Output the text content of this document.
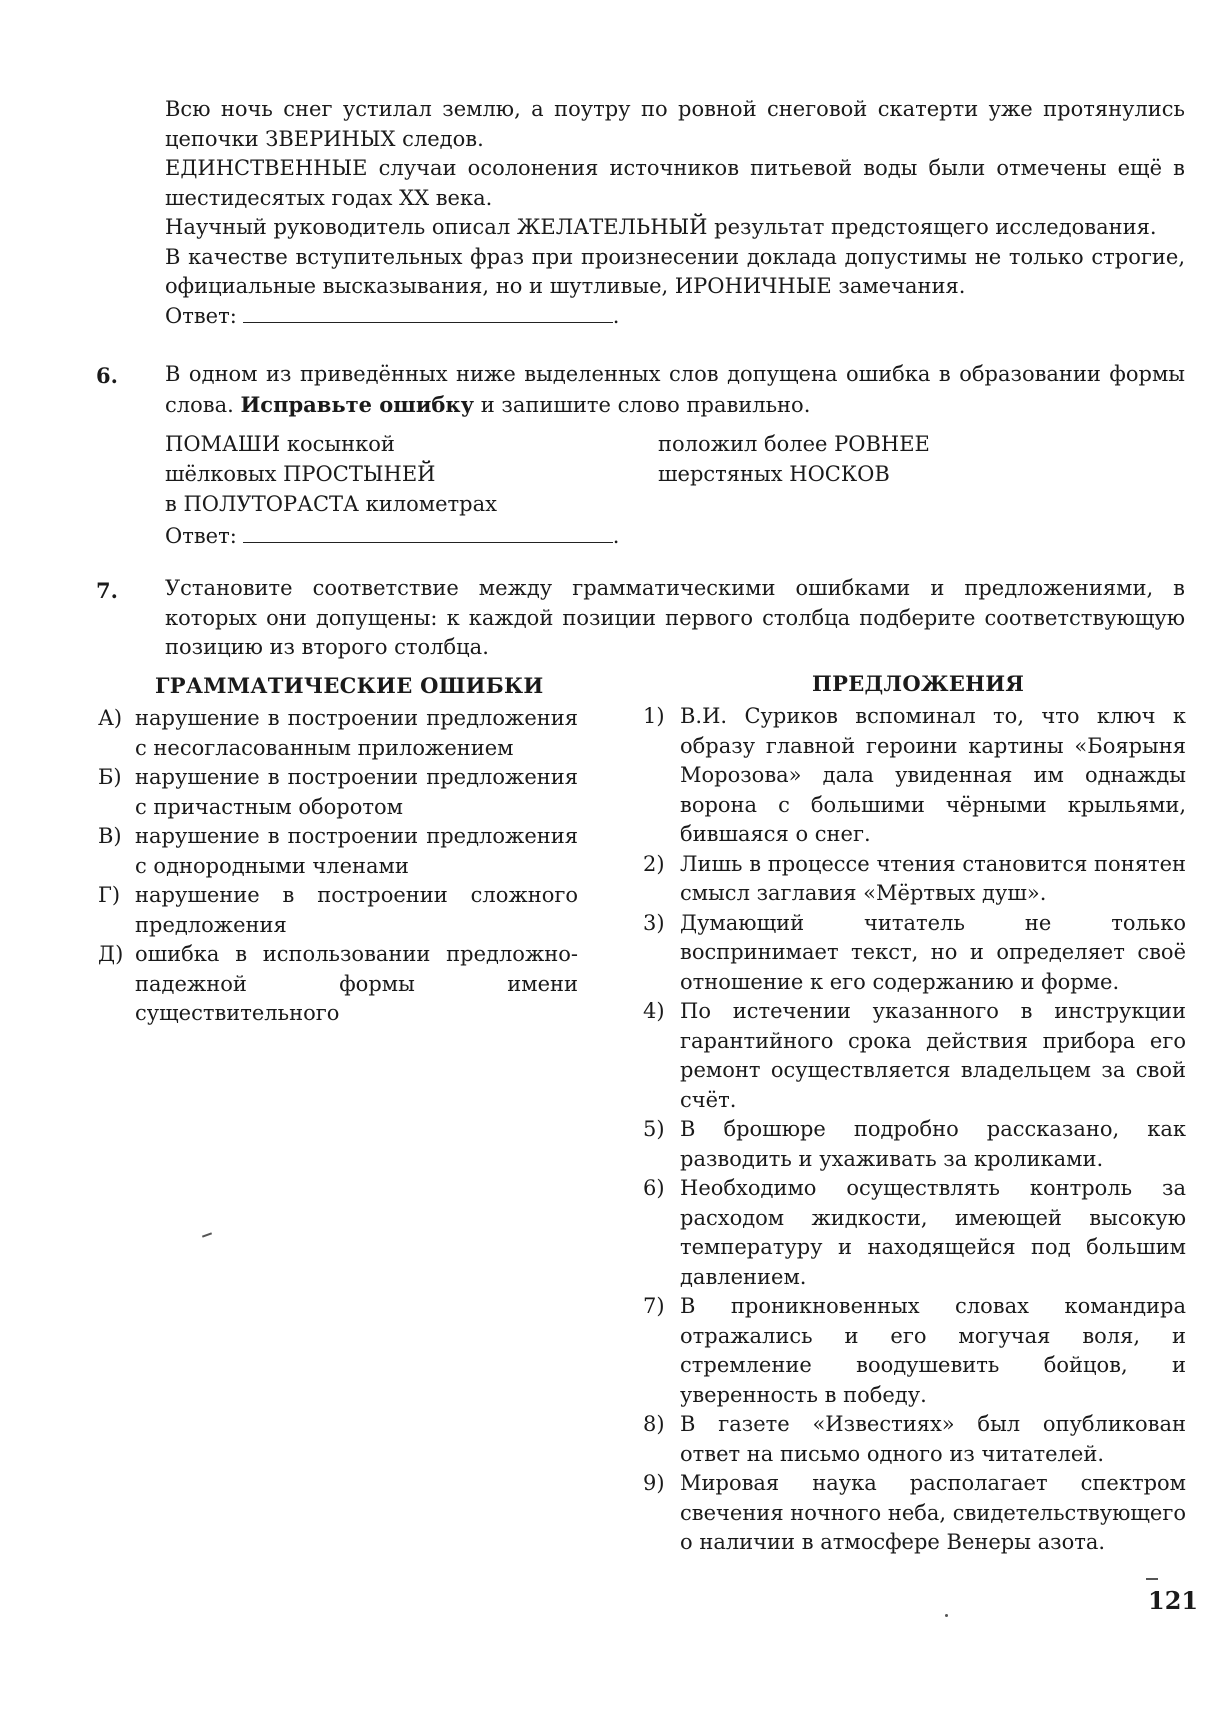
Всю ночь снег устилал землю, а поутру по ровной снеговой скатерти уже протянулись цепочки ЗВЕРИНЫХ следов.

ЕДИНСТВЕННЫЕ случаи осолонения источников питьевой воды были отмечены ещё в шестидесятых годах XX века.

Научный руководитель описал ЖЕЛАТЕЛЬНЫЙ результат предстоящего исследования.

В качестве вступительных фраз при произнесении доклада допустимы не только строгие, официальные высказывания, но и шутливые, ИРОНИЧНЫЕ замечания.

Ответ:	.
6. В одном из приведённых ниже выделенных слов допущена ошибка в образовании формы слова. Исправьте ошибку и запишите слово правильно.

ПОМАШИ косынкой
шёлковых ПРОСТЫНЕЙ
в ПОЛУТОРАСТА километрах
положил более РОВНЕЕ
шерстяных НОСКОВ
Ответ:	.
7. Установите соответствие между грамматическими ошибками и предложениями, в которых они допущены: к каждой позиции первого столбца подберите соответствующую позицию из второго столбца.

ГРАММАТИЧЕСКИЕ ОШИБКИ	ПРЕДЛОЖЕНИЯ
А) нарушение в построении предложения с несогласованным приложением
Б) нарушение в построении предложения с причастным оборотом
В) нарушение в построении предложения с однородными членами
Г) нарушение в построении сложного предложения
Д) ошибка в использовании предложно-падежной формы имени существительного
1) В.И. Суриков вспоминал то, что ключ к образу главной героини картины «Боярыня Морозова» дала увиденная им однажды ворона с большими чёрными крыльями, бившаяся о снег.
2) Лишь в процессе чтения становится понятен смысл заглавия «Мёртвых душ».
3) Думающий читатель не только воспринимает текст, но и определяет своё отношение к его содержанию и форме.
4) По истечении указанного в инструкции гарантийного срока действия прибора его ремонт осуществляется владельцем за свой счёт.
5) В брошюре подробно рассказано, как разводить и ухаживать за кроликами.
6) Необходимо осуществлять контроль за расходом жидкости, имеющей высокую температуру и находящейся под большим давлением.
7) В проникновенных словах командира отражались и его могучая воля, и стремление воодушевить бойцов, и уверенность в победу.
8) В газете «Известиях» был опубликован ответ на письмо одного из читателей.
9) Мировая наука располагает спектром свечения ночного неба, свидетельствующего о наличии в атмосфере Венеры азота.
121
